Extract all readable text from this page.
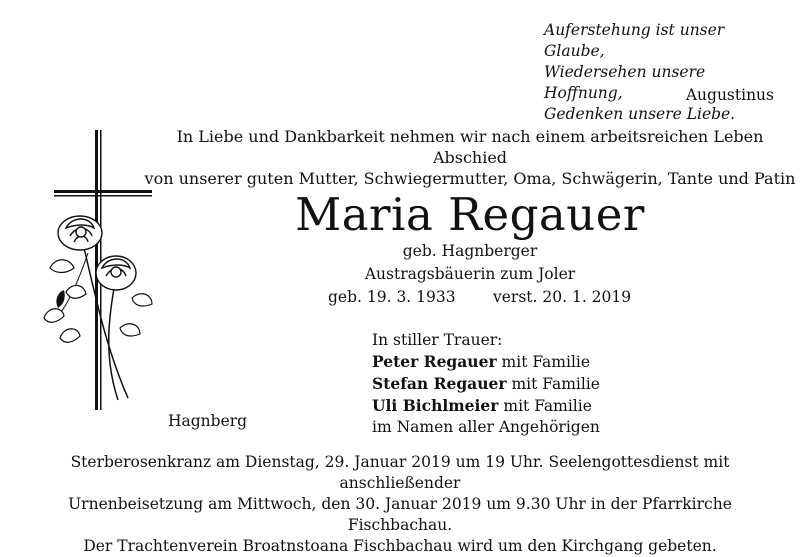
Auferstehung ist unser Glaube,
Wiedersehen unsere Hoffnung,
Gedenken unsere Liebe.
Augustinus
In Liebe und Dankbarkeit nehmen wir nach einem arbeitsreichen Leben Abschied
von unserer guten Mutter, Schwiegermutter, Oma, Schwägerin, Tante und Patin
Maria Regauer
geb. Hagnberger
Austragsbäuerin zum Joler
geb. 19. 3. 1933 verst. 20. 1. 2019
In stiller Trauer:
Peter Regauer mit Familie
Stefan Regauer mit Familie
Uli Bichlmeier mit Familie
im Namen aller Angehörigen
Hagnberg
Sterberosenkranz am Dienstag, 29. Januar 2019 um 19 Uhr. Seelengottesdienst mit anschließender
Urnenbeisetzung am Mittwoch, den 30. Januar 2019 um 9.30 Uhr in der Pfarrkirche Fischbachau.
Der Trachtenverein Broatnstoana Fischbachau wird um den Kirchgang gebeten.
